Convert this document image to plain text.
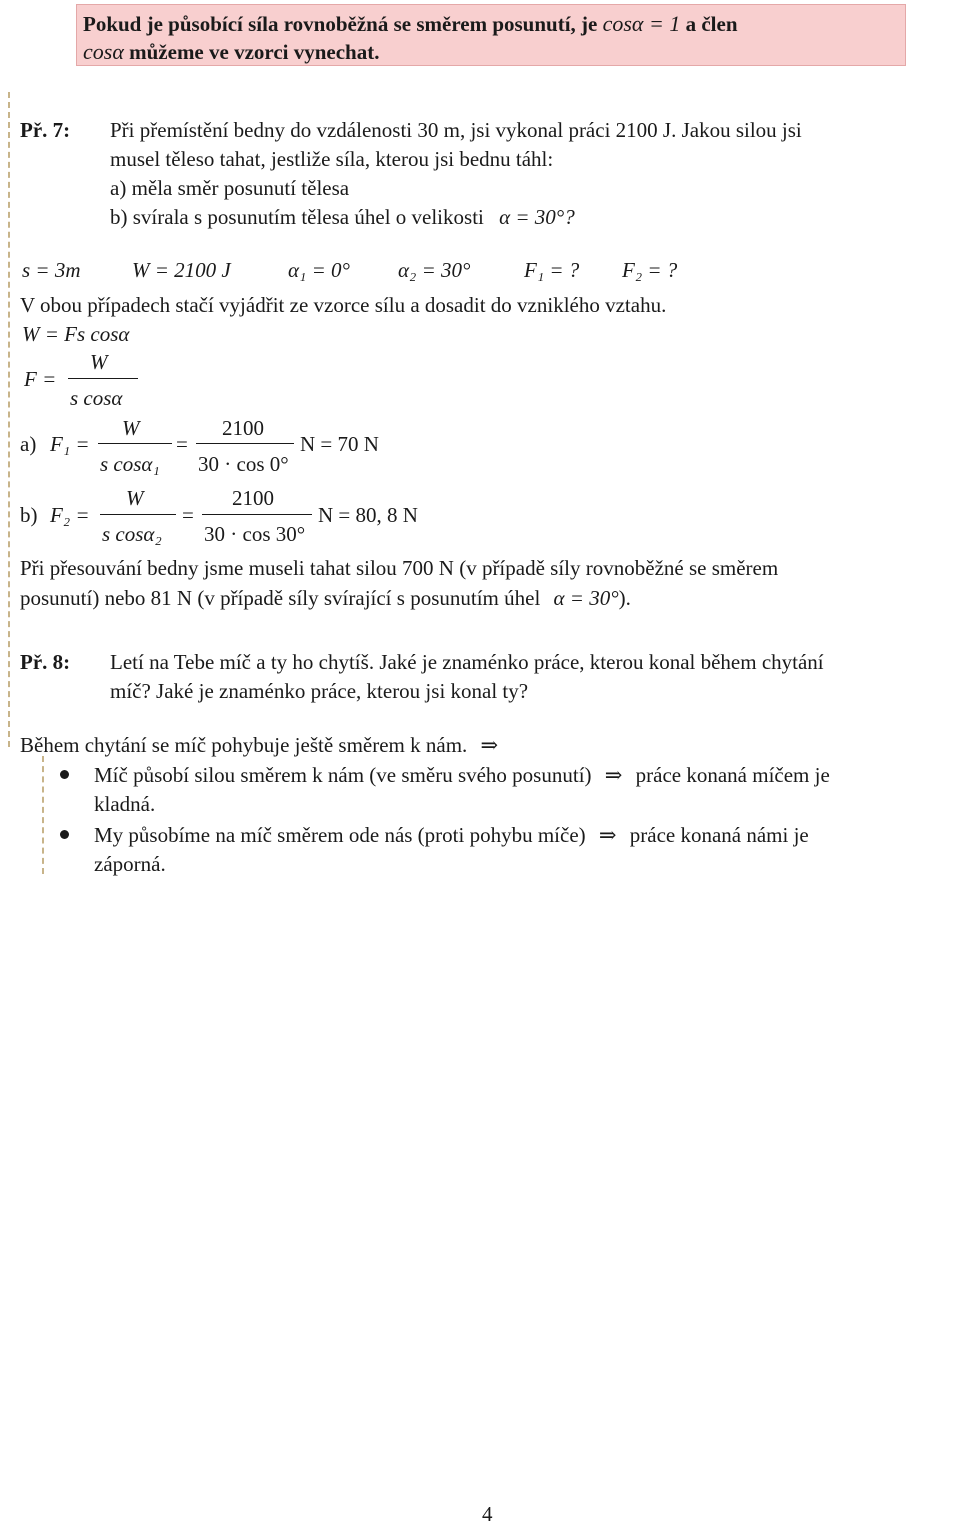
Pokud je působící síla rovnoběžná se směrem posunutí, je cosα = 1 a člen
cosα můžeme ve vzorci vynechat.
Př. 7: Při přemístění bedny do vzdálenosti 30 m, jsi vykonal práci 2100 J. Jakou silou jsi
musel těleso tahat, jestliže síla, kterou jsi bednu táhl:
a) měla směr posunutí tělesa
b) svírala s posunutím tělesa úhel o velikosti α = 30°?
s = 3m W = 2100 J	α₁ = 0° α₂ = 30°	F₁ = ? F₂ = ?
V obou případech stačí vyjádřit ze vzorce sílu a dosadit do vzniklého vztahu.
W = Fs cosα
F =
W
s cosα
a) F₁ =
W
s cosα₁
=
2100
30 · cos 0°
N = 70 N
b) F₂ =
W
s cosα₂
=
2100
30 · cos 30°
N = 80, 8 N
Při přesouvání bedny jsme museli tahat silou 700 N (v případě síly rovnoběžné se směrem
posunutí) nebo 81 N (v případě síly svírající s posunutím úhel α = 30°).
Př. 8: Letí na Tebe míč a ty ho chytíš. Jaké je znaménko práce, kterou konal během chytání
míč? Jaké je znaménko práce, kterou jsi konal ty?
Během chytání se míč pohybuje ještě směrem k nám. ⇒
Míč působí silou směrem k nám (ve směru svého posunutí) ⇒ práce konaná míčem je
kladná.
My působíme na míč směrem ode nás (proti pohybu míče) ⇒ práce konaná námi je
záporná.
4
